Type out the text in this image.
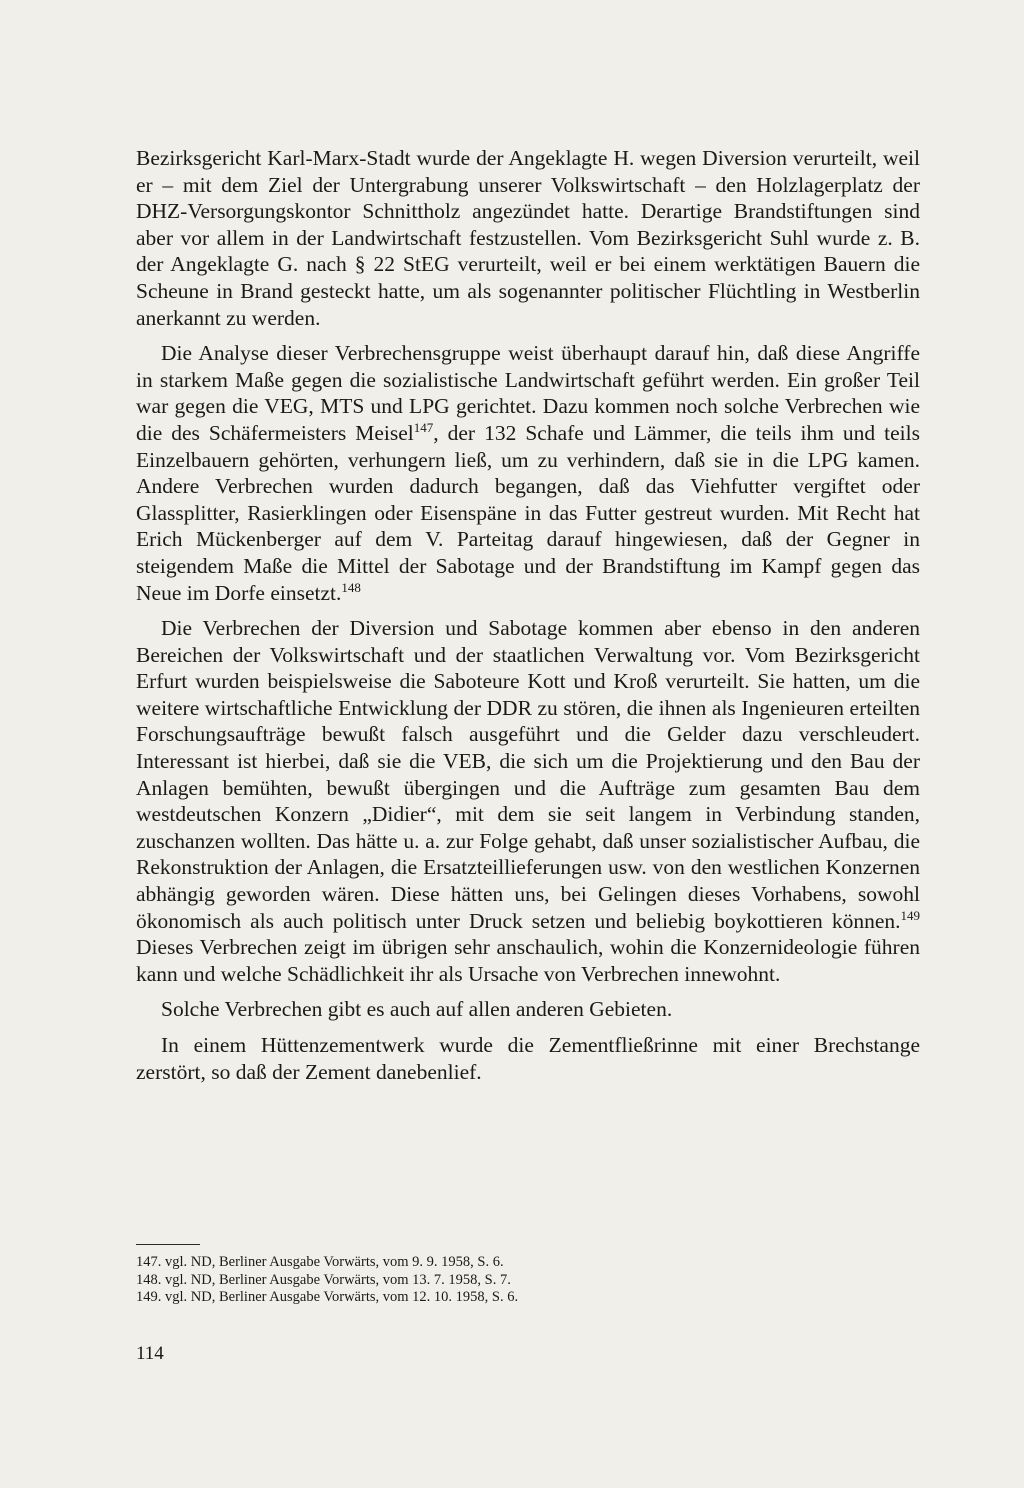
Bezirksgericht Karl-Marx-Stadt wurde der Angeklagte H. wegen Diversion verurteilt, weil er – mit dem Ziel der Untergrabung unserer Volkswirtschaft – den Holzlagerplatz der DHZ-Versorgungskontor Schnittholz angezündet hatte. Derartige Brandstiftungen sind aber vor allem in der Landwirtschaft festzustellen. Vom Bezirksgericht Suhl wurde z. B. der Angeklagte G. nach § 22 StEG verurteilt, weil er bei einem werktätigen Bauern die Scheune in Brand gesteckt hatte, um als sogenannter politischer Flüchtling in Westberlin anerkannt zu werden.

Die Analyse dieser Verbrechensgruppe weist überhaupt darauf hin, daß diese Angriffe in starkem Maße gegen die sozialistische Landwirtschaft geführt werden. Ein großer Teil war gegen die VEG, MTS und LPG gerichtet. Dazu kommen noch solche Verbrechen wie die des Schäfermeisters Meisel$^{147}$, der 132 Schafe und Lämmer, die teils ihm und teils Einzelbauern gehörten, verhungern ließ, um zu verhindern, daß sie in die LPG kamen. Andere Verbrechen wurden dadurch begangen, daß das Viehfutter vergiftet oder Glassplitter, Rasierklingen oder Eisenspäne in das Futter gestreut wurden. Mit Recht hat Erich Mückenberger auf dem V. Parteitag darauf hingewiesen, daß der Gegner in steigendem Maße die Mittel der Sabotage und der Brandstiftung im Kampf gegen das Neue im Dorfe einsetzt.$^{148}$

Die Verbrechen der Diversion und Sabotage kommen aber ebenso in den anderen Bereichen der Volkswirtschaft und der staatlichen Verwaltung vor. Vom Bezirksgericht Erfurt wurden beispielsweise die Saboteure Kott und Kroß verurteilt. Sie hatten, um die weitere wirtschaftliche Entwicklung der DDR zu stören, die ihnen als Ingenieuren erteilten Forschungsaufträge bewußt falsch ausgeführt und die Gelder dazu verschleudert. Interessant ist hierbei, daß sie die VEB, die sich um die Projektierung und den Bau der Anlagen bemühten, bewußt übergingen und die Aufträge zum gesamten Bau dem westdeutschen Konzern „Didier“, mit dem sie seit langem in Verbindung standen, zuschanzen wollten. Das hätte u. a. zur Folge gehabt, daß unser sozialistischer Aufbau, die Rekonstruktion der Anlagen, die Ersatzteillieferungen usw. von den westlichen Konzernen abhängig geworden wären. Diese hätten uns, bei Gelingen dieses Vorhabens, sowohl ökonomisch als auch politisch unter Druck setzen und beliebig boykottieren können.$^{149}$ Dieses Verbrechen zeigt im übrigen sehr anschaulich, wohin die Konzernideologie führen kann und welche Schädlichkeit ihr als Ursache von Verbrechen innewohnt.

Solche Verbrechen gibt es auch auf allen anderen Gebieten.

In einem Hüttenzementwerk wurde die Zementfließrinne mit einer Brechstange zerstört, so daß der Zement danebenlief.

147. vgl. ND, Berliner Ausgabe Vorwärts, vom 9. 9. 1958, S. 6.

148. vgl. ND, Berliner Ausgabe Vorwärts, vom 13. 7. 1958, S. 7.

149. vgl. ND, Berliner Ausgabe Vorwärts, vom 12. 10. 1958, S. 6.

114
